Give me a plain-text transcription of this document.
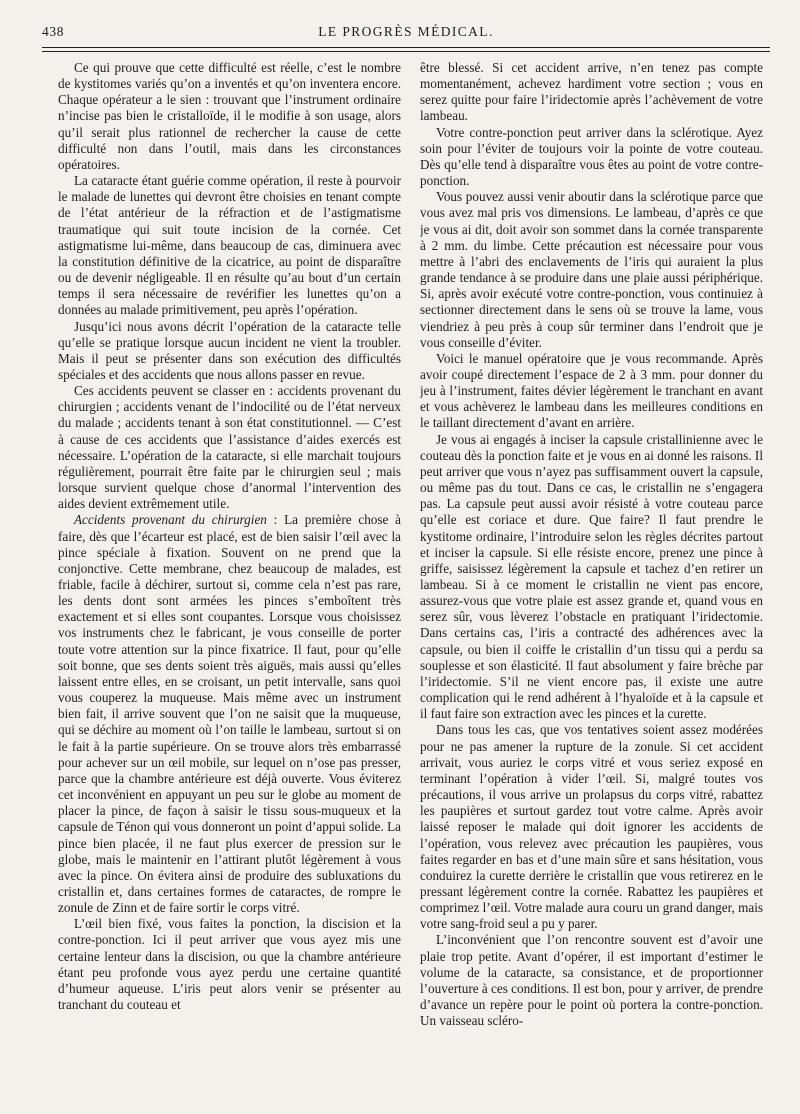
438	LE PROGRÈS MÉDICAL.

Ce qui prouve que cette difficulté est réelle, c’est le nombre de kystitomes variés qu’on a inventés et qu’on inventera encore. Chaque opérateur a le sien : trouvant que l’instrument ordinaire n’incise pas bien le cristalloïde, il le modifie à son usage, alors qu’il serait plus rationnel de rechercher la cause de cette difficulté non dans l’outil, mais dans les circonstances opératoires.

La cataracte étant guérie comme opération, il reste à pourvoir le malade de lunettes qui devront être choisies en tenant compte de l’état antérieur de la réfraction et de l’astigmatisme traumatique qui suit toute incision de la cornée. Cet astigmatisme lui-même, dans beaucoup de cas, diminuera avec la constitution définitive de la cicatrice, au point de disparaître ou de devenir négligeable. Il en résulte qu’au bout d’un certain temps il sera nécessaire de revérifier les lunettes qu’on a données au malade primitivement, peu après l’opération.

Jusqu’ici nous avons décrit l’opération de la cataracte telle qu’elle se pratique lorsque aucun incident ne vient la troubler. Mais il peut se présenter dans son exécution des difficultés spéciales et des accidents que nous allons passer en revue.

Ces accidents peuvent se classer en : accidents provenant du chirurgien ; accidents venant de l’indocilité ou de l’état nerveux du malade ; accidents tenant à son état constitutionnel. — C’est à cause de ces accidents que l’assistance d’aides exercés est nécessaire. L’opération de la cataracte, si elle marchait toujours régulièrement, pourrait être faite par le chirurgien seul ; mais lorsque survient quelque chose d’anormal l’intervention des aides devient extrêmement utile.

Accidents provenant du chirurgien : La première chose à faire, dès que l’écarteur est placé, est de bien saisir l’œil avec la pince spéciale à fixation. Souvent on ne prend que la conjonctive. Cette membrane, chez beaucoup de malades, est friable, facile à déchirer, surtout si, comme cela n’est pas rare, les dents dont sont armées les pinces s’emboîtent très exactement et si elles sont coupantes. Lorsque vous choisissez vos instruments chez le fabricant, je vous conseille de porter toute votre attention sur la pince fixatrice. Il faut, pour qu’elle soit bonne, que ses dents soient très aiguës, mais aussi qu’elles laissent entre elles, en se croisant, un petit intervalle, sans quoi vous couperez la muqueuse. Mais même avec un instrument bien fait, il arrive souvent que l’on ne saisit que la muqueuse, qui se déchire au moment où l’on taille le lambeau, surtout si on le fait à la partie supérieure. On se trouve alors très embarrassé pour achever sur un œil mobile, sur lequel on n’ose pas presser, parce que la chambre antérieure est déjà ouverte. Vous éviterez cet inconvénient en appuyant un peu sur le globe au moment de placer la pince, de façon à saisir le tissu sous-muqueux et la capsule de Ténon qui vous donneront un point d’appui solide. La pince bien placée, il ne faut plus exercer de pression sur le globe, mais le maintenir en l’attirant plutôt légèrement à vous avec la pince. On évitera ainsi de produire des subluxations du cristallin et, dans certaines formes de cataractes, de rompre le zonule de Zinn et de faire sortir le corps vitré.

L’œil bien fixé, vous faites la ponction, la discision et la contre-ponction. Ici il peut arriver que vous ayez mis une certaine lenteur dans la discision, ou que la chambre antérieure étant peu profonde vous ayez perdu une certaine quantité d’humeur aqueuse. L’iris peut alors venir se présenter au tranchant du couteau et

être blessé. Si cet accident arrive, n’en tenez pas compte momentanément, achevez hardiment votre section ; vous en serez quitte pour faire l’iridectomie après l’achèvement de votre lambeau.

Votre contre-ponction peut arriver dans la sclérotique. Ayez soin pour l’éviter de toujours voir la pointe de votre couteau. Dès qu’elle tend à disparaître vous êtes au point de votre contre-ponction.

Vous pouvez aussi venir aboutir dans la sclérotique parce que vous avez mal pris vos dimensions. Le lambeau, d’après ce que je vous ai dit, doit avoir son sommet dans la cornée transparente à 2 mm. du limbe. Cette précaution est nécessaire pour vous mettre à l’abri des enclavements de l’iris qui auraient la plus grande tendance à se produire dans une plaie aussi périphérique. Si, après avoir exécuté votre contre-ponction, vous continuiez à sectionner directement dans le sens où se trouve la lame, vous viendriez à peu près à coup sûr terminer dans l’endroit que je vous conseille d’éviter.

Voici le manuel opératoire que je vous recommande. Après avoir coupé directement l’espace de 2 à 3 mm. pour donner du jeu à l’instrument, faites dévier légèrement le tranchant en avant et vous achèverez le lambeau dans les meilleures conditions en le taillant directement d’avant en arrière.

Je vous ai engagés à inciser la capsule cristallinienne avec le couteau dès la ponction faite et je vous en ai donné les raisons. Il peut arriver que vous n’ayez pas suffisamment ouvert la capsule, ou même pas du tout. Dans ce cas, le cristallin ne s’engagera pas. La capsule peut aussi avoir résisté à votre couteau parce qu’elle est coriace et dure. Que faire? Il faut prendre le kystitome ordinaire, l’introduire selon les règles décrites partout et inciser la capsule. Si elle résiste encore, prenez une pince à griffe, saisissez légèrement la capsule et tachez d’en retirer un lambeau. Si à ce moment le cristallin ne vient pas encore, assurez-vous que votre plaie est assez grande et, quand vous en serez sûr, vous lèverez l’obstacle en pratiquant l’iridectomie. Dans certains cas, l’iris a contracté des adhérences avec la capsule, ou bien il coiffe le cristallin d’un tissu qui a perdu sa souplesse et son élasticité. Il faut absolument y faire brèche par l’iridectomie. S’il ne vient encore pas, il existe une autre complication qui le rend adhérent à l’hyaloïde et à la capsule et il faut faire son extraction avec les pinces et la curette.

Dans tous les cas, que vos tentatives soient assez modérées pour ne pas amener la rupture de la zonule. Si cet accident arrivait, vous auriez le corps vitré et vous seriez exposé en terminant l’opération à vider l’œil. Si, malgré toutes vos précautions, il vous arrive un prolapsus du corps vitré, rabattez les paupières et surtout gardez tout votre calme. Après avoir laissé reposer le malade qui doit ignorer les accidents de l’opération, vous relevez avec précaution les paupières, vous faites regarder en bas et d’une main sûre et sans hésitation, vous conduirez la curette derrière le cristallin que vous retirerez en le pressant légèrement contre la cornée. Rabattez les paupières et comprimez l’œil. Votre malade aura couru un grand danger, mais votre sang-froid seul a pu y parer.

L’inconvénient que l’on rencontre souvent est d’avoir une plaie trop petite. Avant d’opérer, il est important d’estimer le volume de la cataracte, sa consistance, et de proportionner l’ouverture à ces conditions. Il est bon, pour y arriver, de prendre d’avance un repère pour le point où portera la contre-ponction. Un vaisseau scléro-
